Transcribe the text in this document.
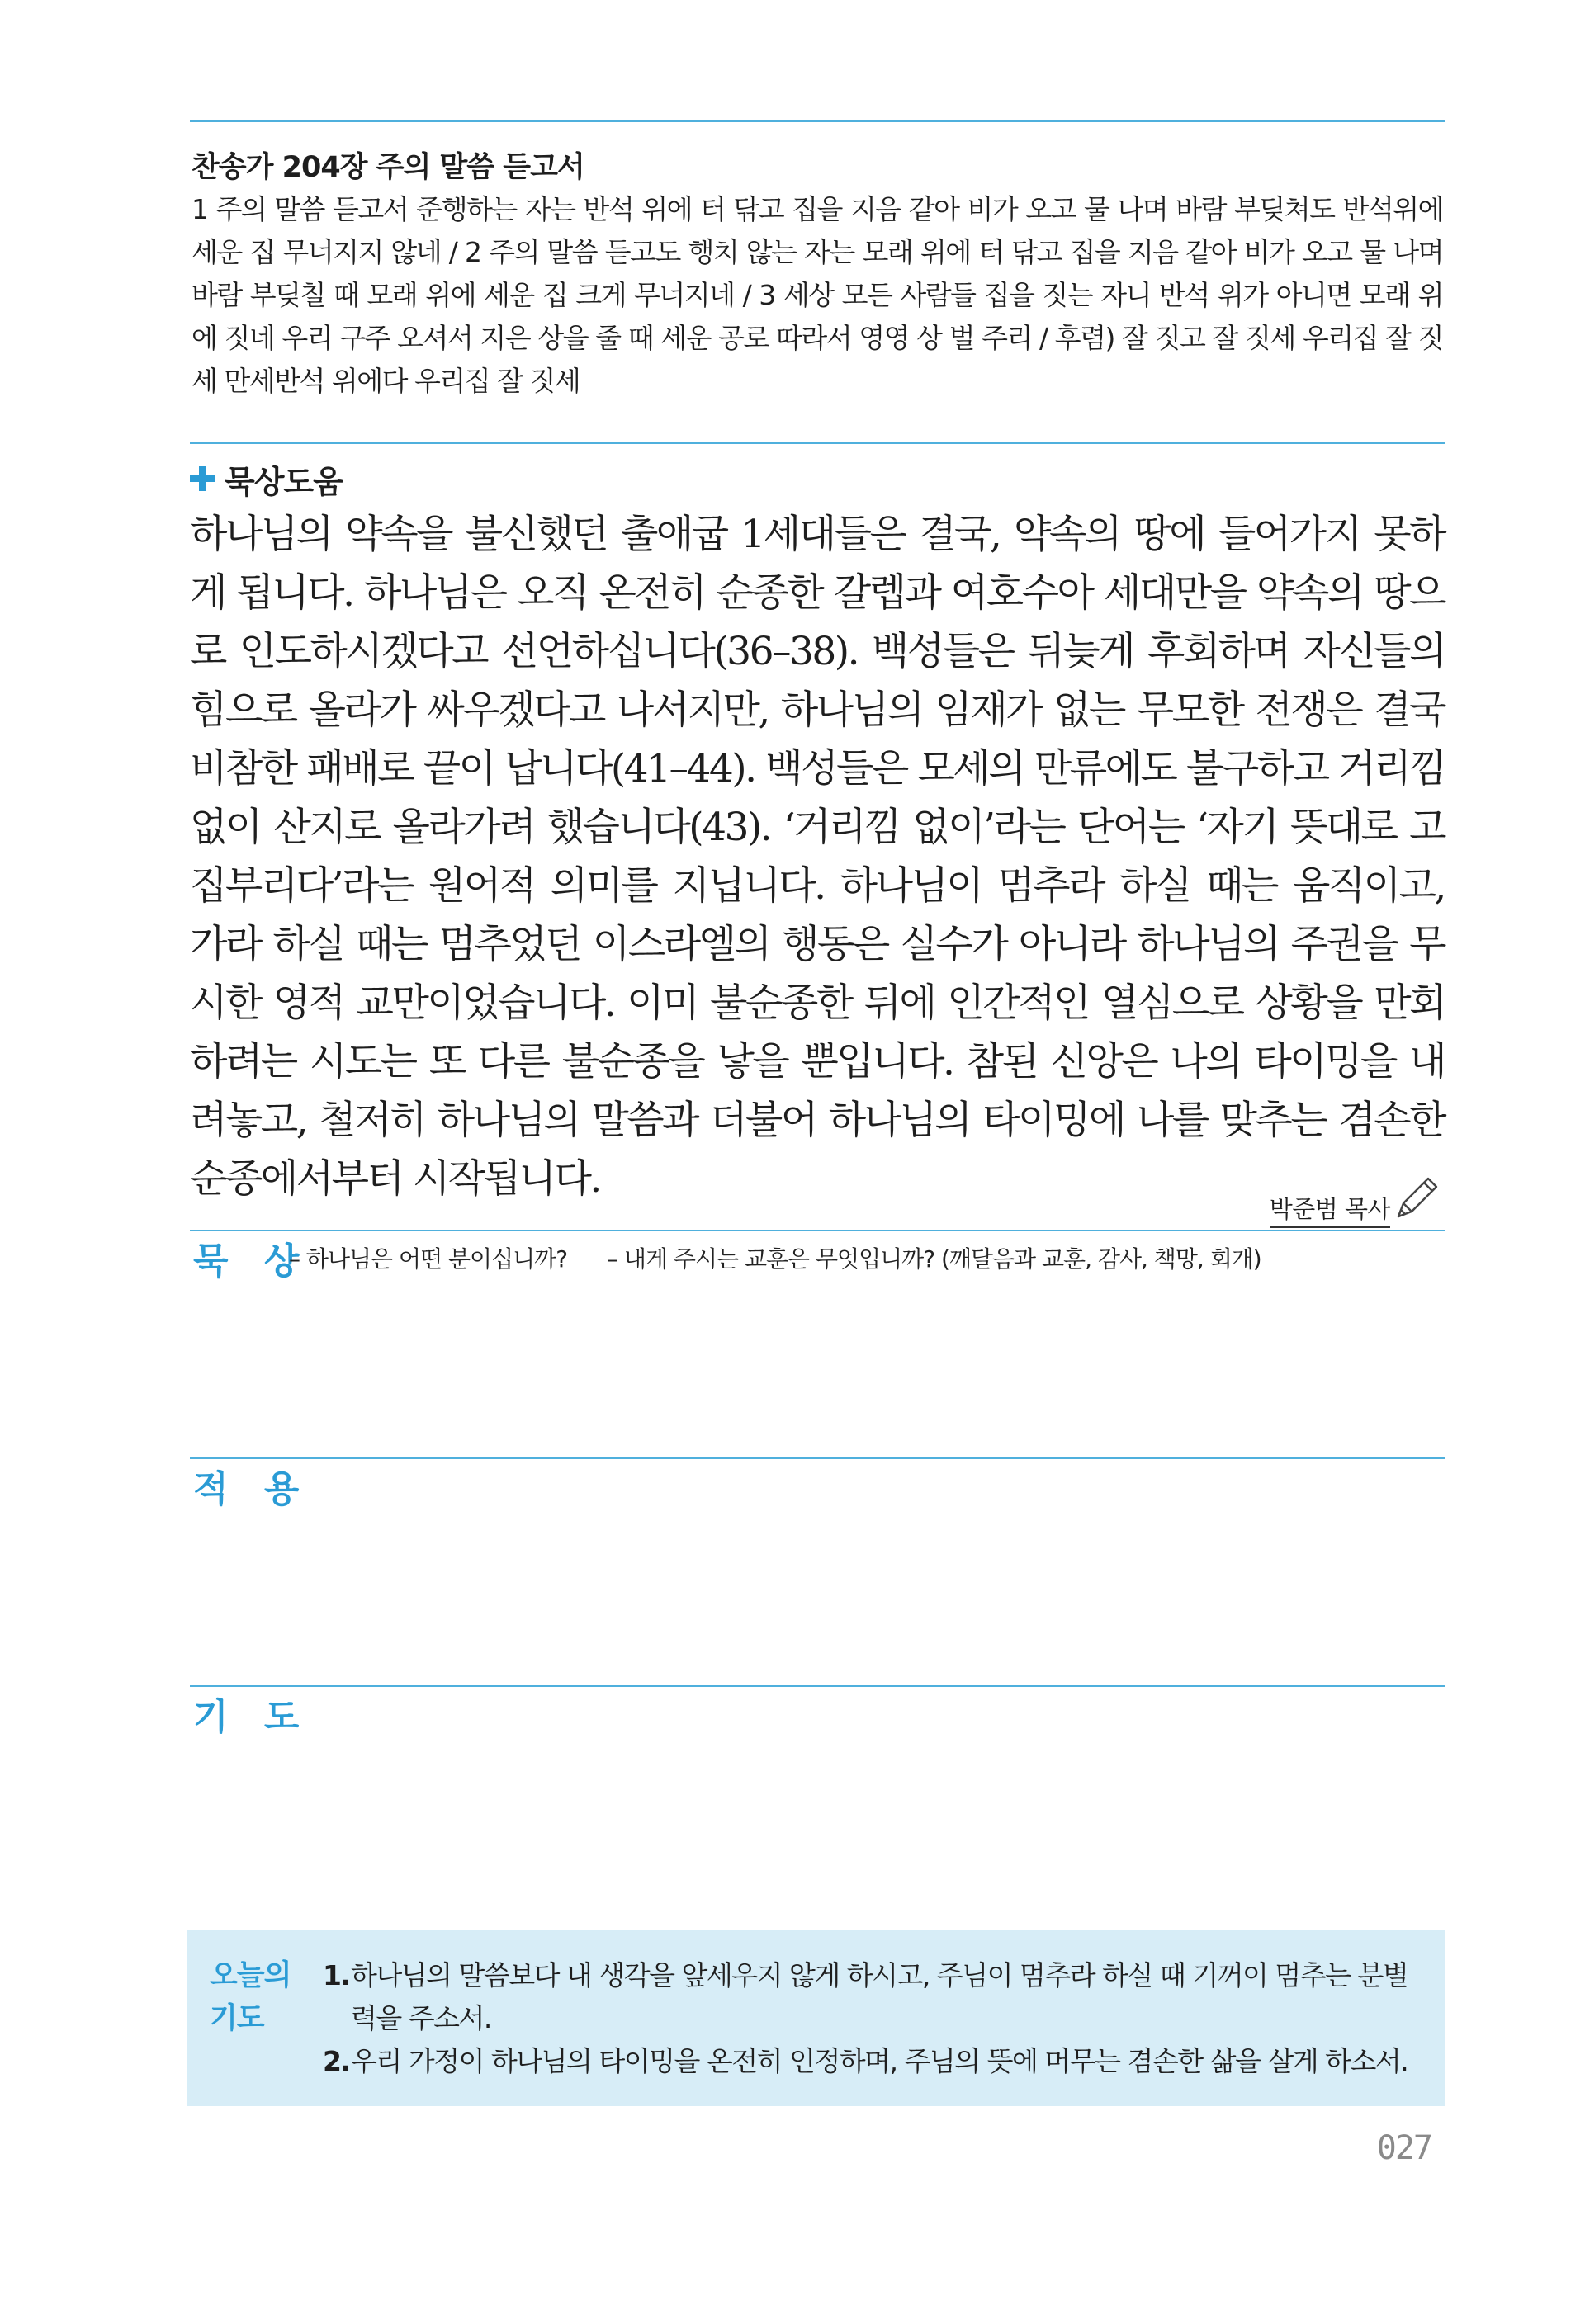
찬송가 204장 주의 말씀 듣고서
1 주의 말씀 듣고서 준행하는 자는 반석 위에 터 닦고 집을 지음 같아 비가 오고 물 나며 바람 부딪쳐도 반석위에 세운 집 무너지지 않네 / 2 주의 말씀 듣고도 행치 않는 자는 모래 위에 터 닦고 집을 지음 같아 비가 오고 물 나며 바람 부딪칠 때 모래 위에 세운 집 크게 무너지네 / 3 세상 모든 사람들 집을 짓는 자니 반석 위가 아니면 모래 위에 짓네 우리 구주 오셔서 지은 상을 줄 때 세운 공로 따라서 영영 상 벌 주리 / 후렴) 잘 짓고 잘 짓세 우리집 잘 짓세 만세반석 위에다 우리집 잘 짓세
묵상도움
하나님의 약속을 불신했던 출애굽 1세대들은 결국, 약속의 땅에 들어가지 못하게 됩니다. 하나님은 오직 온전히 순종한 갈렙과 여호수아 세대만을 약속의 땅으로 인도하시겠다고 선언하십니다(36–38). 백성들은 뒤늦게 후회하며 자신들의 힘으로 올라가 싸우겠다고 나서지만, 하나님의 임재가 없는 무모한 전쟁은 결국 비참한 패배로 끝이 납니다(41–44). 백성들은 모세의 만류에도 불구하고 거리낌 없이 산지로 올라가려 했습니다(43). ‘거리낌 없이’라는 단어는 ‘자기 뜻대로 고집부리다’라는 원어적 의미를 지닙니다. 하나님이 멈추라 하실 때는 움직이고, 가라 하실 때는 멈추었던 이스라엘의 행동은 실수가 아니라 하나님의 주권을 무시한 영적 교만이었습니다. 이미 불순종한 뒤에 인간적인 열심으로 상황을 만회하려는 시도는 또 다른 불순종을 낳을 뿐입니다. 참된 신앙은 나의 타이밍을 내려놓고, 철저히 하나님의 말씀과 더불어 하나님의 타이밍에 나를 맞추는 겸손한 순종에서부터 시작됩니다.
박준범 목사
묵 상
– 하나님은 어떤 분이십니까? – 내게 주시는 교훈은 무엇입니까? (깨달음과 교훈, 감사, 책망, 회개)
적 용
기 도
오늘의
기도
1. 하나님의 말씀보다 내 생각을 앞세우지 않게 하시고, 주님이 멈추라 하실 때 기꺼이 멈추는 분별력을 주소서.
2. 우리 가정이 하나님의 타이밍을 온전히 인정하며, 주님의 뜻에 머무는 겸손한 삶을 살게 하소서.
027
